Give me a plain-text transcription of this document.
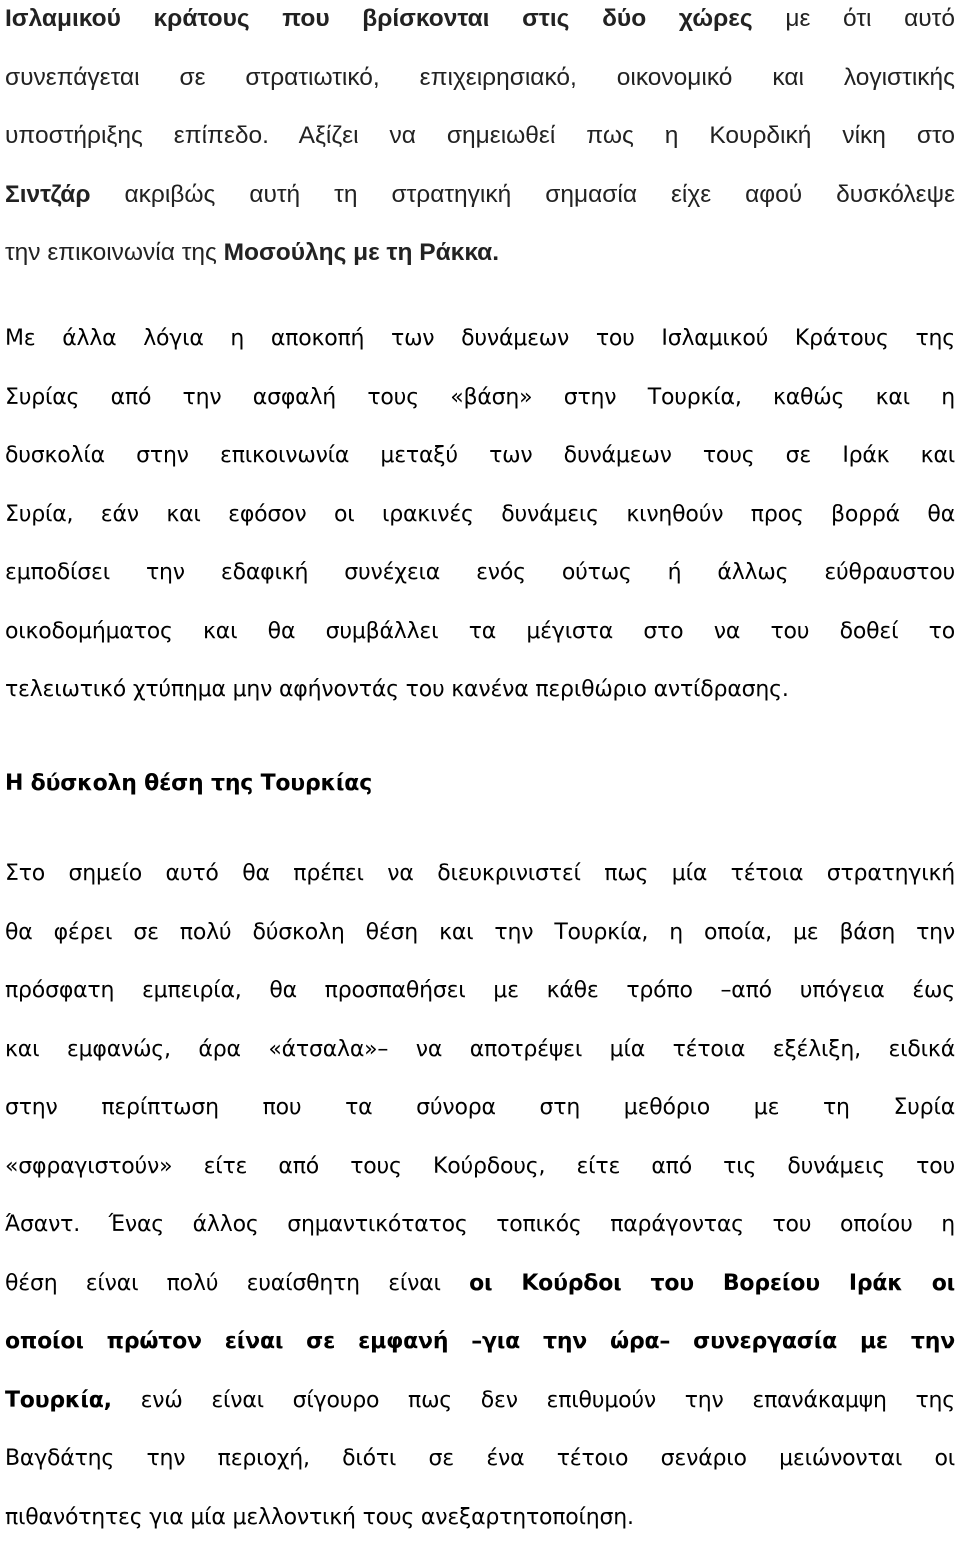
Ισλαμικού κράτους που βρίσκονται στις δύο χώρες με ότι αυτό
συνεπάγεται σε στρατιωτικό, επιχειρησιακό, οικονομικό και λογιστικής
υποστήριξης επίπεδο. Αξίζει να σημειωθεί πως η Κουρδική νίκη στο
Σιντζάρ ακριβώς αυτή τη στρατηγική σημασία είχε αφού δυσκόλεψε
την επικοινωνία της Μοσούλης με τη Ράκκα.
Με άλλα λόγια η αποκοπή των δυνάμεων του Ισλαμικού Κράτους της
Συρίας από την ασφαλή τους «βάση» στην Τουρκία, καθώς και η
δυσκολία στην επικοινωνία μεταξύ των δυνάμεων τους σε Ιράκ και
Συρία, εάν και εφόσον οι ιρακινές δυνάμεις κινηθούν προς βορρά θα
εμποδίσει την εδαφική συνέχεια ενός ούτως ή άλλως εύθραυστου
οικοδομήματος και θα συμβάλλει τα μέγιστα στο να του δοθεί το
τελειωτικό χτύπημα μην αφήνοντάς του κανένα περιθώριο αντίδρασης.
Η δύσκολη θέση της Τουρκίας
Στο σημείο αυτό θα πρέπει να διευκρινιστεί πως μία τέτοια στρατηγική
θα φέρει σε πολύ δύσκολη θέση και την Τουρκία, η οποία, με βάση την
πρόσφατη εμπειρία, θα προσπαθήσει με κάθε τρόπο –από υπόγεια έως
και εμφανώς, άρα «άτσαλα»– να αποτρέψει μία τέτοια εξέλιξη, ειδικά
στην περίπτωση που τα σύνορα στη μεθόριο με τη Συρία
«σφραγιστούν» είτε από τους Κούρδους, είτε από τις δυνάμεις του
Άσαντ. Ένας άλλος σημαντικότατος τοπικός παράγοντας του οποίου η
θέση είναι πολύ ευαίσθητη είναι οι Κούρδοι του Βορείου Ιράκ οι
οποίοι πρώτον είναι σε εμφανή –για την ώρα– συνεργασία με την
Τουρκία, ενώ είναι σίγουρο πως δεν επιθυμούν την επανάκαμψη της
Βαγδάτης την περιοχή, διότι σε ένα τέτοιο σενάριο μειώνονται οι
πιθανότητες για μία μελλοντική τους ανεξαρτητοποίηση.
